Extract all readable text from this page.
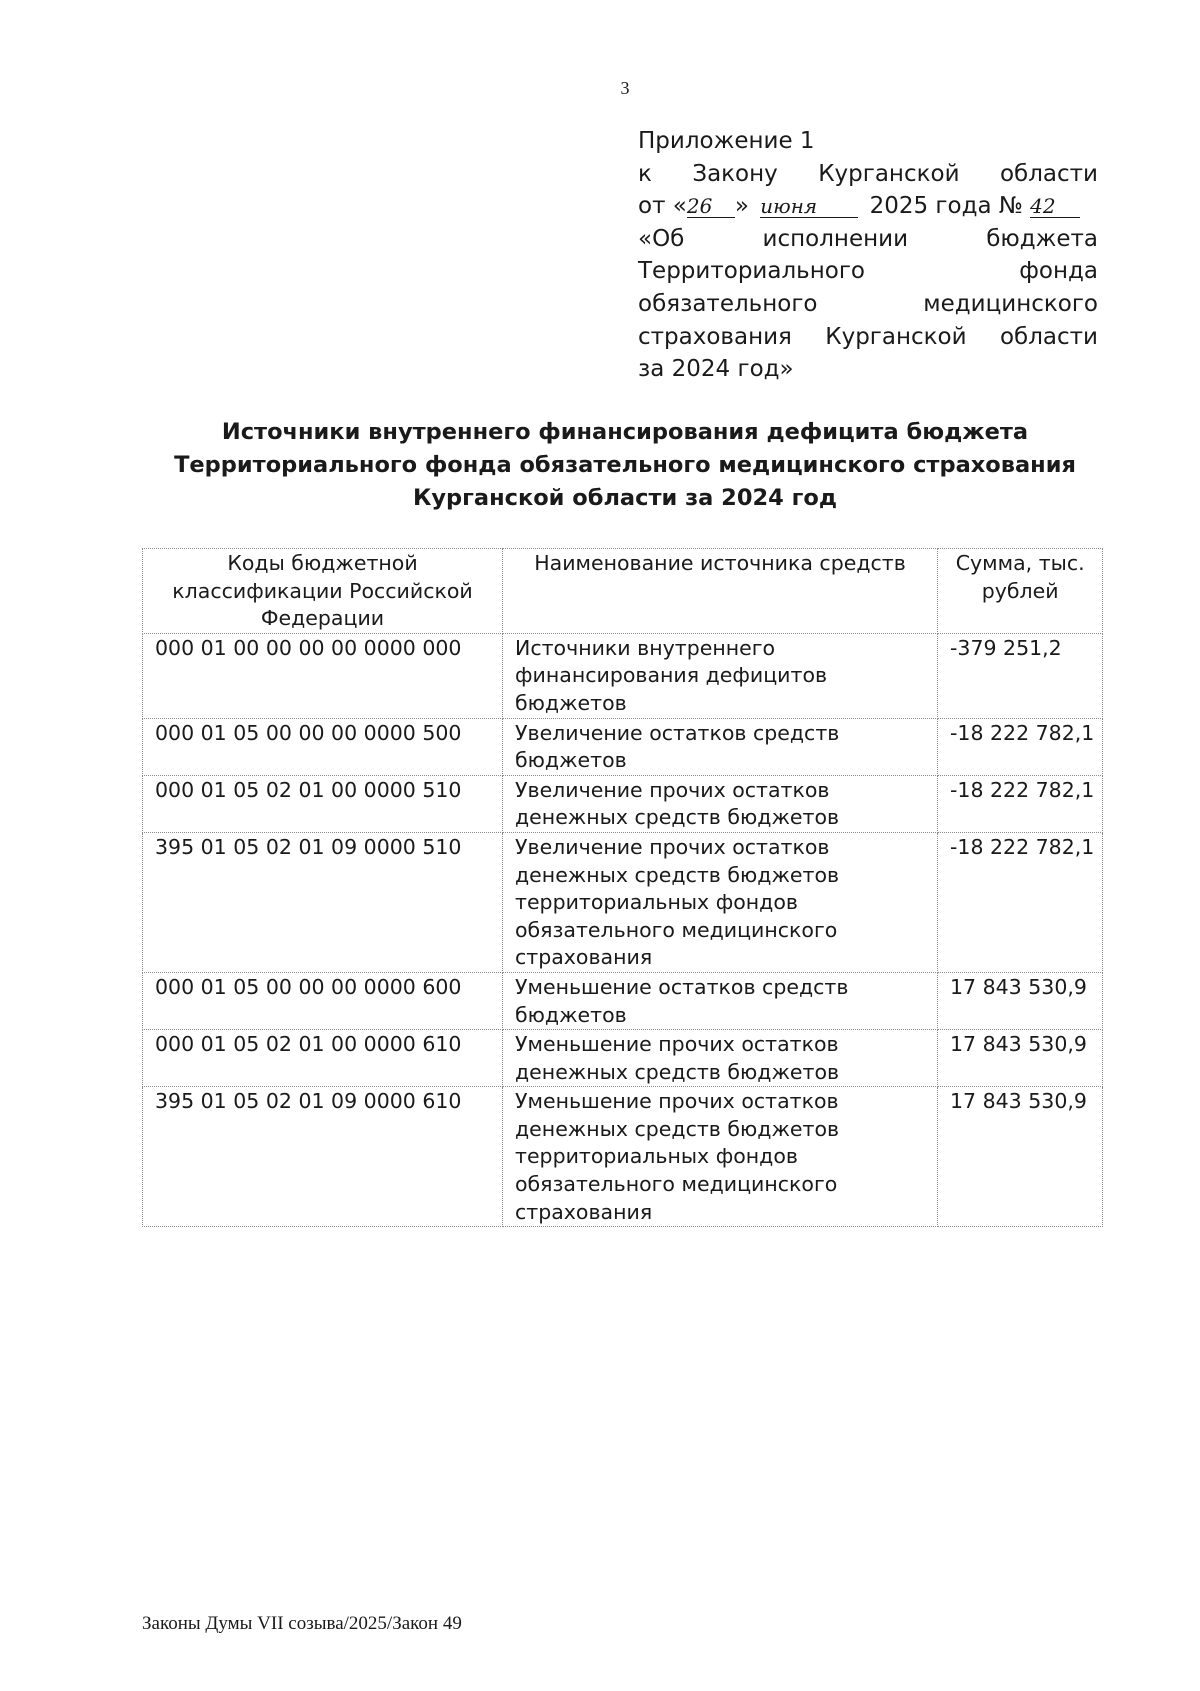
3
Приложение 1
к Закону Курганской области
от «26 » июня 2025 года № 42
«Об	исполнении	бюджета
Территориального	фонда
обязательного	медицинского
страхования Курганской области
за 2024 год»
Источники внутреннего финансирования дефицита бюджета
Территориального фонда обязательного медицинского страхования
Курганской области за 2024 год
Коды бюджетной классификации Российской Федерации	Наименование источника средств	Сумма, тыс. рублей
000 01 00 00 00 00 0000 000	Источники внутреннего финансирования дефицитов бюджетов	-379 251,2
000 01 05 00 00 00 0000 500	Увеличение остатков средств бюджетов	-18 222 782,1
000 01 05 02 01 00 0000 510	Увеличение прочих остатков денежных средств бюджетов	-18 222 782,1
395 01 05 02 01 09 0000 510	Увеличение прочих остатков денежных средств бюджетов территориальных фондов обязательного медицинского страхования	-18 222 782,1
000 01 05 00 00 00 0000 600	Уменьшение остатков средств бюджетов	17 843 530,9
000 01 05 02 01 00 0000 610	Уменьшение прочих остатков денежных средств бюджетов	17 843 530,9
395 01 05 02 01 09 0000 610	Уменьшение прочих остатков денежных средств бюджетов территориальных фондов обязательного медицинского страхования	17 843 530,9
Законы Думы VII созыва/2025/Закон 49
